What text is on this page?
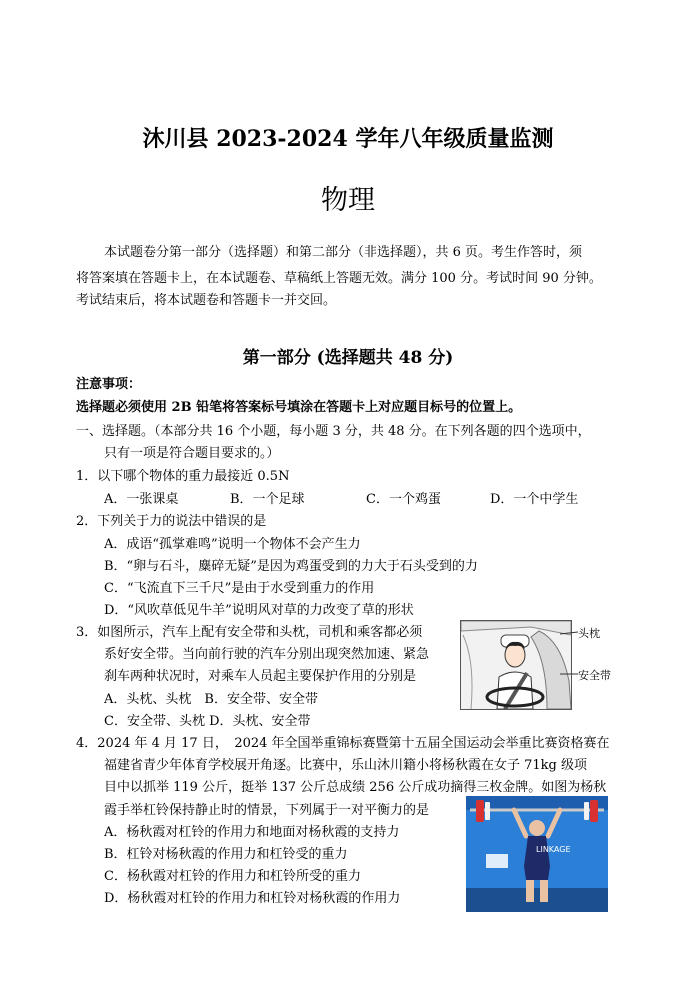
沐川县 2023-2024 学年八年级质量监测
物理
本试题卷分第一部分（选择题）和第二部分（非选择题），共 6 页。考生作答时，须
将答案填在答题卡上，在本试题卷、草稿纸上答题无效。满分 100 分。考试时间 90 分钟。
考试结束后，将本试题卷和答题卡一并交回。
第一部分 (选择题共 48 分)
注意事项：
选择题必须使用 2B 铅笔将答案标号填涂在答题卡上对应题目标号的位置上。
一、选择题。（本部分共 16 个小题，每小题 3 分，共 48 分。在下列各题的四个选项中，
只有一项是符合题目要求的。）
1．以下哪个物体的重力最接近 0.5N
A．一张课桌	B．一个足球	C．一个鸡蛋	D．一个中学生
2．下列关于力的说法中错误的是
A．成语“孤掌难鸣”说明一个物体不会产生力
B．“卵与石斗，麋碎无疑”是因为鸡蛋受到的力大于石头受到的力
C．“飞流直下三千尺”是由于水受到重力的作用
D．“风吹草低见牛羊”说明风对草的力改变了草的形状
3．如图所示，汽车上配有安全带和头枕，司机和乘客都必须
系好安全带。当向前行驶的汽车分别出现突然加速、紧急
刹车两种状况时，对乘车人员起主要保护作用的分别是
A．头枕、头枕　B．安全带、安全带
C．安全带、头枕 D．头枕、安全带
头枕
安全带
4．2024 年 4 月 17 日，　2024 年全国举重锦标赛暨第十五届全国运动会举重比赛资格赛在
福建省青少年体育学校展开角逐。比赛中，乐山沐川籍小将杨秋霞在女子 71kg 级项
目中以抓举 119 公斤，挺举 137 公斤总成绩 256 公斤成功摘得三枚金牌。如图为杨秋
霞手举杠铃保持静止时的情景，下列属于一对平衡力的是
A．杨秋霞对杠铃的作用力和地面对杨秋霞的支持力
B．杠铃对杨秋霞的作用力和杠铃受的重力
C．杨秋霞对杠铃的作用力和杠铃所受的重力
D．杨秋霞对杠铃的作用力和杠铃对杨秋霞的作用力
LINKAGE
